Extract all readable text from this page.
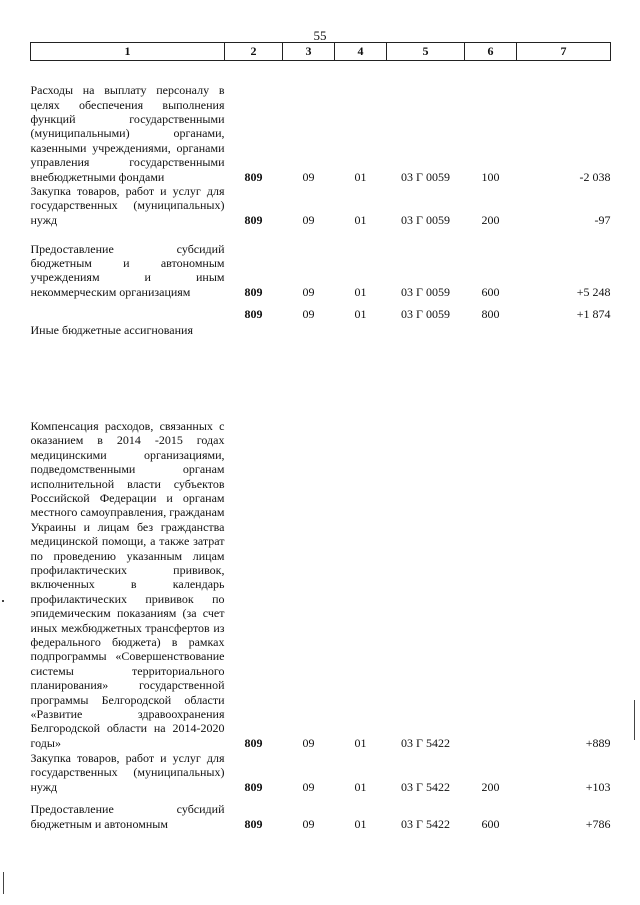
55
1	2	3	4	5	6	7
Расходы на выплату персоналу в целях обеспечения выполнения функций государственными (муниципальными) органами, казенными учреждениями, органами управления государственными внебюджетными фондами	809	09	01	03 Г 0059	100	-2 038
Закупка товаров, работ и услуг для государственных (муниципальных) нужд	809	09	01	03 Г 0059	200	-97
Предоставление субсидий бюджетным и автономным учреждениям и иным некоммерческим организациям	809	09	01	03 Г 0059	600	+5 248

Иные бюджетные ассигнования	809	09	01	03 Г 0059	800	+1 874
Компенсация расходов, связанных с оказанием в 2014 -2015 годах медицинскими организациями, подведомственными органам исполнительной власти субъектов Российской Федерации и органам местного самоуправления, гражданам Украины и лицам без гражданства медицинской помощи, а также затрат по проведению указанным лицам профилактических прививок, включенных в календарь профилактических прививок по эпидемическим показаниям (за счет иных межбюджетных трансфертов из федерального бюджета) в рамках подпрограммы «Совершенствование системы территориального планирования» государственной программы Белгородской области «Развитие здравоохранения Белгородской области на 2014-2020 годы»	809	09	01	03 Г 5422		+889
Закупка товаров, работ и услуг для государственных (муниципальных) нужд	809	09	01	03 Г 5422	200	+103

Предоставление субсидий бюджетным и автономным	809	09	01	03 Г 5422	600	+786
